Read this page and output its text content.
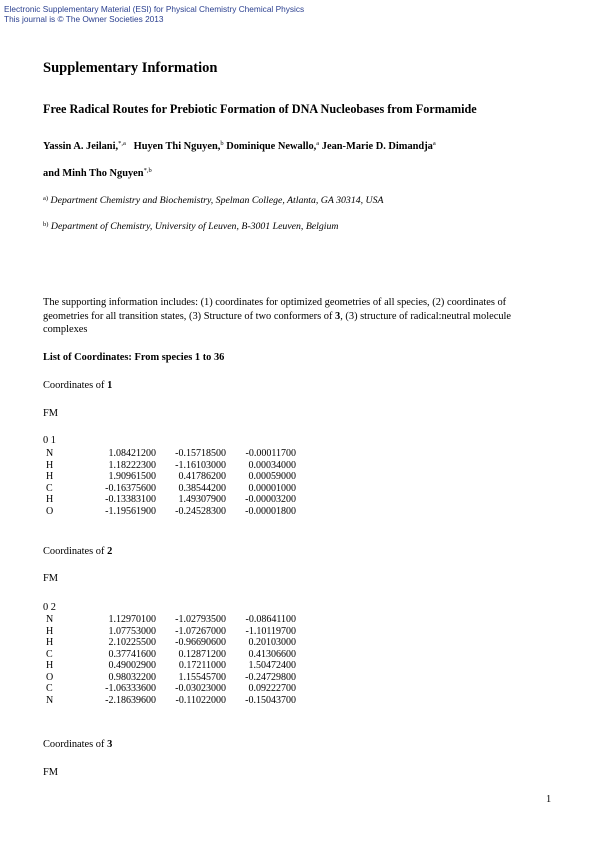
Electronic Supplementary Material (ESI) for Physical Chemistry Chemical Physics
This journal is © The Owner Societies 2013
Supplementary Information
Free Radical Routes for Prebiotic Formation of DNA Nucleobases from Formamide
Yassin A. Jeilani,$^{*,a}$ Huyen Thi Nguyen,$^b$ Dominique Newallo,$^a$ Jean-Marie D. Dimandja$^a$
and Minh Tho Nguyen$^{*,b}$
$^{a)}$ Department Chemistry and Biochemistry, Spelman College, Atlanta, GA 30314, USA
$^{b)}$ Department of Chemistry, University of Leuven, B-3001 Leuven, Belgium
The supporting information includes: (1) coordinates for optimized geometries of all species, (2) coordinates of geometries for all transition states, (3) Structure of two conformers of 3, (3) structure of radical:neutral molecule complexes
List of Coordinates: From species 1 to 36
Coordinates of 1
FM
0 1
N	1.08421200	-0.15718500	-0.00011700
H	1.18222300	-1.16103000	0.00034000
H	1.90961500	0.41786200	0.00059000
C	-0.16375600	0.38544200	0.00001000
H	-0.13383100	1.49307900	-0.00003200
O	-1.19561900	-0.24528300	-0.00001800
Coordinates of 2
FM
0 2
N	1.12970100	-1.02793500	-0.08641100
H	1.07753000	-1.07267000	-1.10119700
H	2.10225500	-0.96690600	0.20103000
C	0.37741600	0.12871200	0.41306600
H	0.49002900	0.17211000	1.50472400
O	0.98032200	1.15545700	-0.24729800
C	-1.06333600	-0.03023000	0.09222700
N	-2.18639600	-0.11022000	-0.15043700
Coordinates of 3
FM
1
